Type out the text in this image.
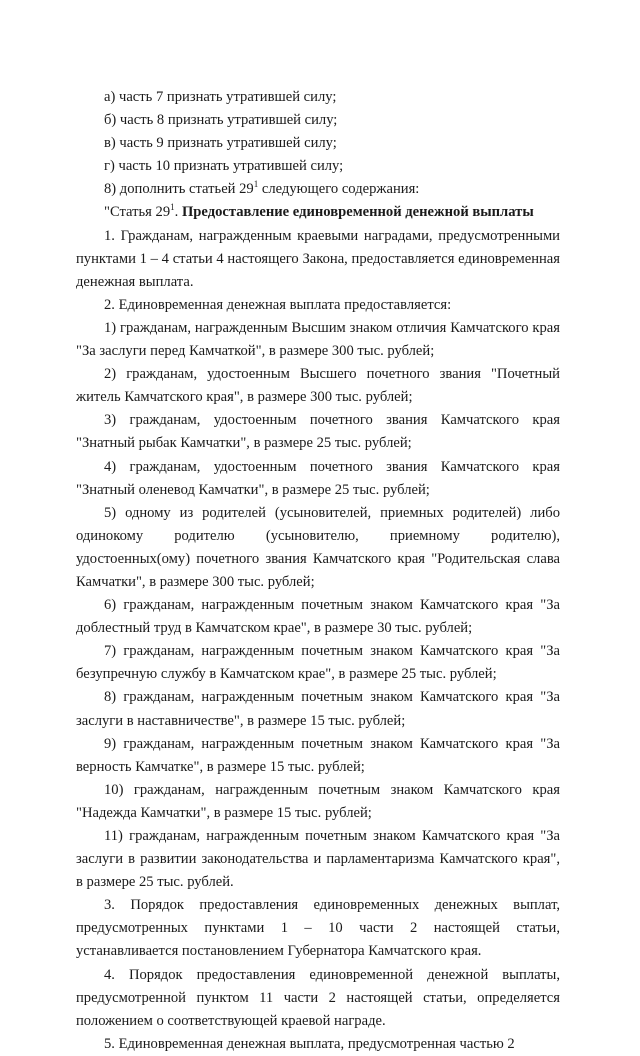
а) часть 7 признать утратившей силу;

б) часть 8 признать утратившей силу;

в) часть 9 признать утратившей силу;

г) часть 10 признать утратившей силу;

8) дополнить статьей $29^1$ следующего содержания:

"Статья $29^1$. Предоставление единовременной денежной выплаты

1. Гражданам, награжденным краевыми наградами, предусмотренными пунктами 1 – 4 статьи 4 настоящего Закона, предоставляется единовременная денежная выплата.

2. Единовременная денежная выплата предоставляется:

1) гражданам, награжденным Высшим знаком отличия Камчатского края "За заслуги перед Камчаткой", в размере 300 тыс. рублей;

2) гражданам, удостоенным Высшего почетного звания "Почетный житель Камчатского края", в размере 300 тыс. рублей;

3) гражданам, удостоенным почетного звания Камчатского края "Знатный рыбак Камчатки", в размере 25 тыс. рублей;

4) гражданам, удостоенным почетного звания Камчатского края "Знатный оленевод Камчатки", в размере 25 тыс. рублей;

5) одному из родителей (усыновителей, приемных родителей) либо одинокому родителю (усыновителю, приемному родителю), удостоенных(ому) почетного звания Камчатского края "Родительская слава Камчатки", в размере 300 тыс. рублей;

6) гражданам, награжденным почетным знаком Камчатского края "За доблестный труд в Камчатском крае", в размере 30 тыс. рублей;

7) гражданам, награжденным почетным знаком Камчатского края "За безупречную службу в Камчатском крае", в размере 25 тыс. рублей;

8) гражданам, награжденным почетным знаком Камчатского края "За заслуги в наставничестве", в размере 15 тыс. рублей;

9) гражданам, награжденным почетным знаком Камчатского края "За верность Камчатке", в размере 15 тыс. рублей;

10) гражданам, награжденным почетным знаком Камчатского края "Надежда Камчатки", в размере 15 тыс. рублей;

11) гражданам, награжденным почетным знаком Камчатского края "За заслуги в развитии законодательства и парламентаризма Камчатского края", в размере 25 тыс. рублей.

3. Порядок предоставления единовременных денежных выплат, предусмотренных пунктами 1 – 10 части 2 настоящей статьи, устанавливается постановлением Губернатора Камчатского края.

4. Порядок предоставления единовременной денежной выплаты, предусмотренной пунктом 11 части 2 настоящей статьи, определяется положением о соответствующей краевой награде.

5. Единовременная денежная выплата, предусмотренная частью 2
